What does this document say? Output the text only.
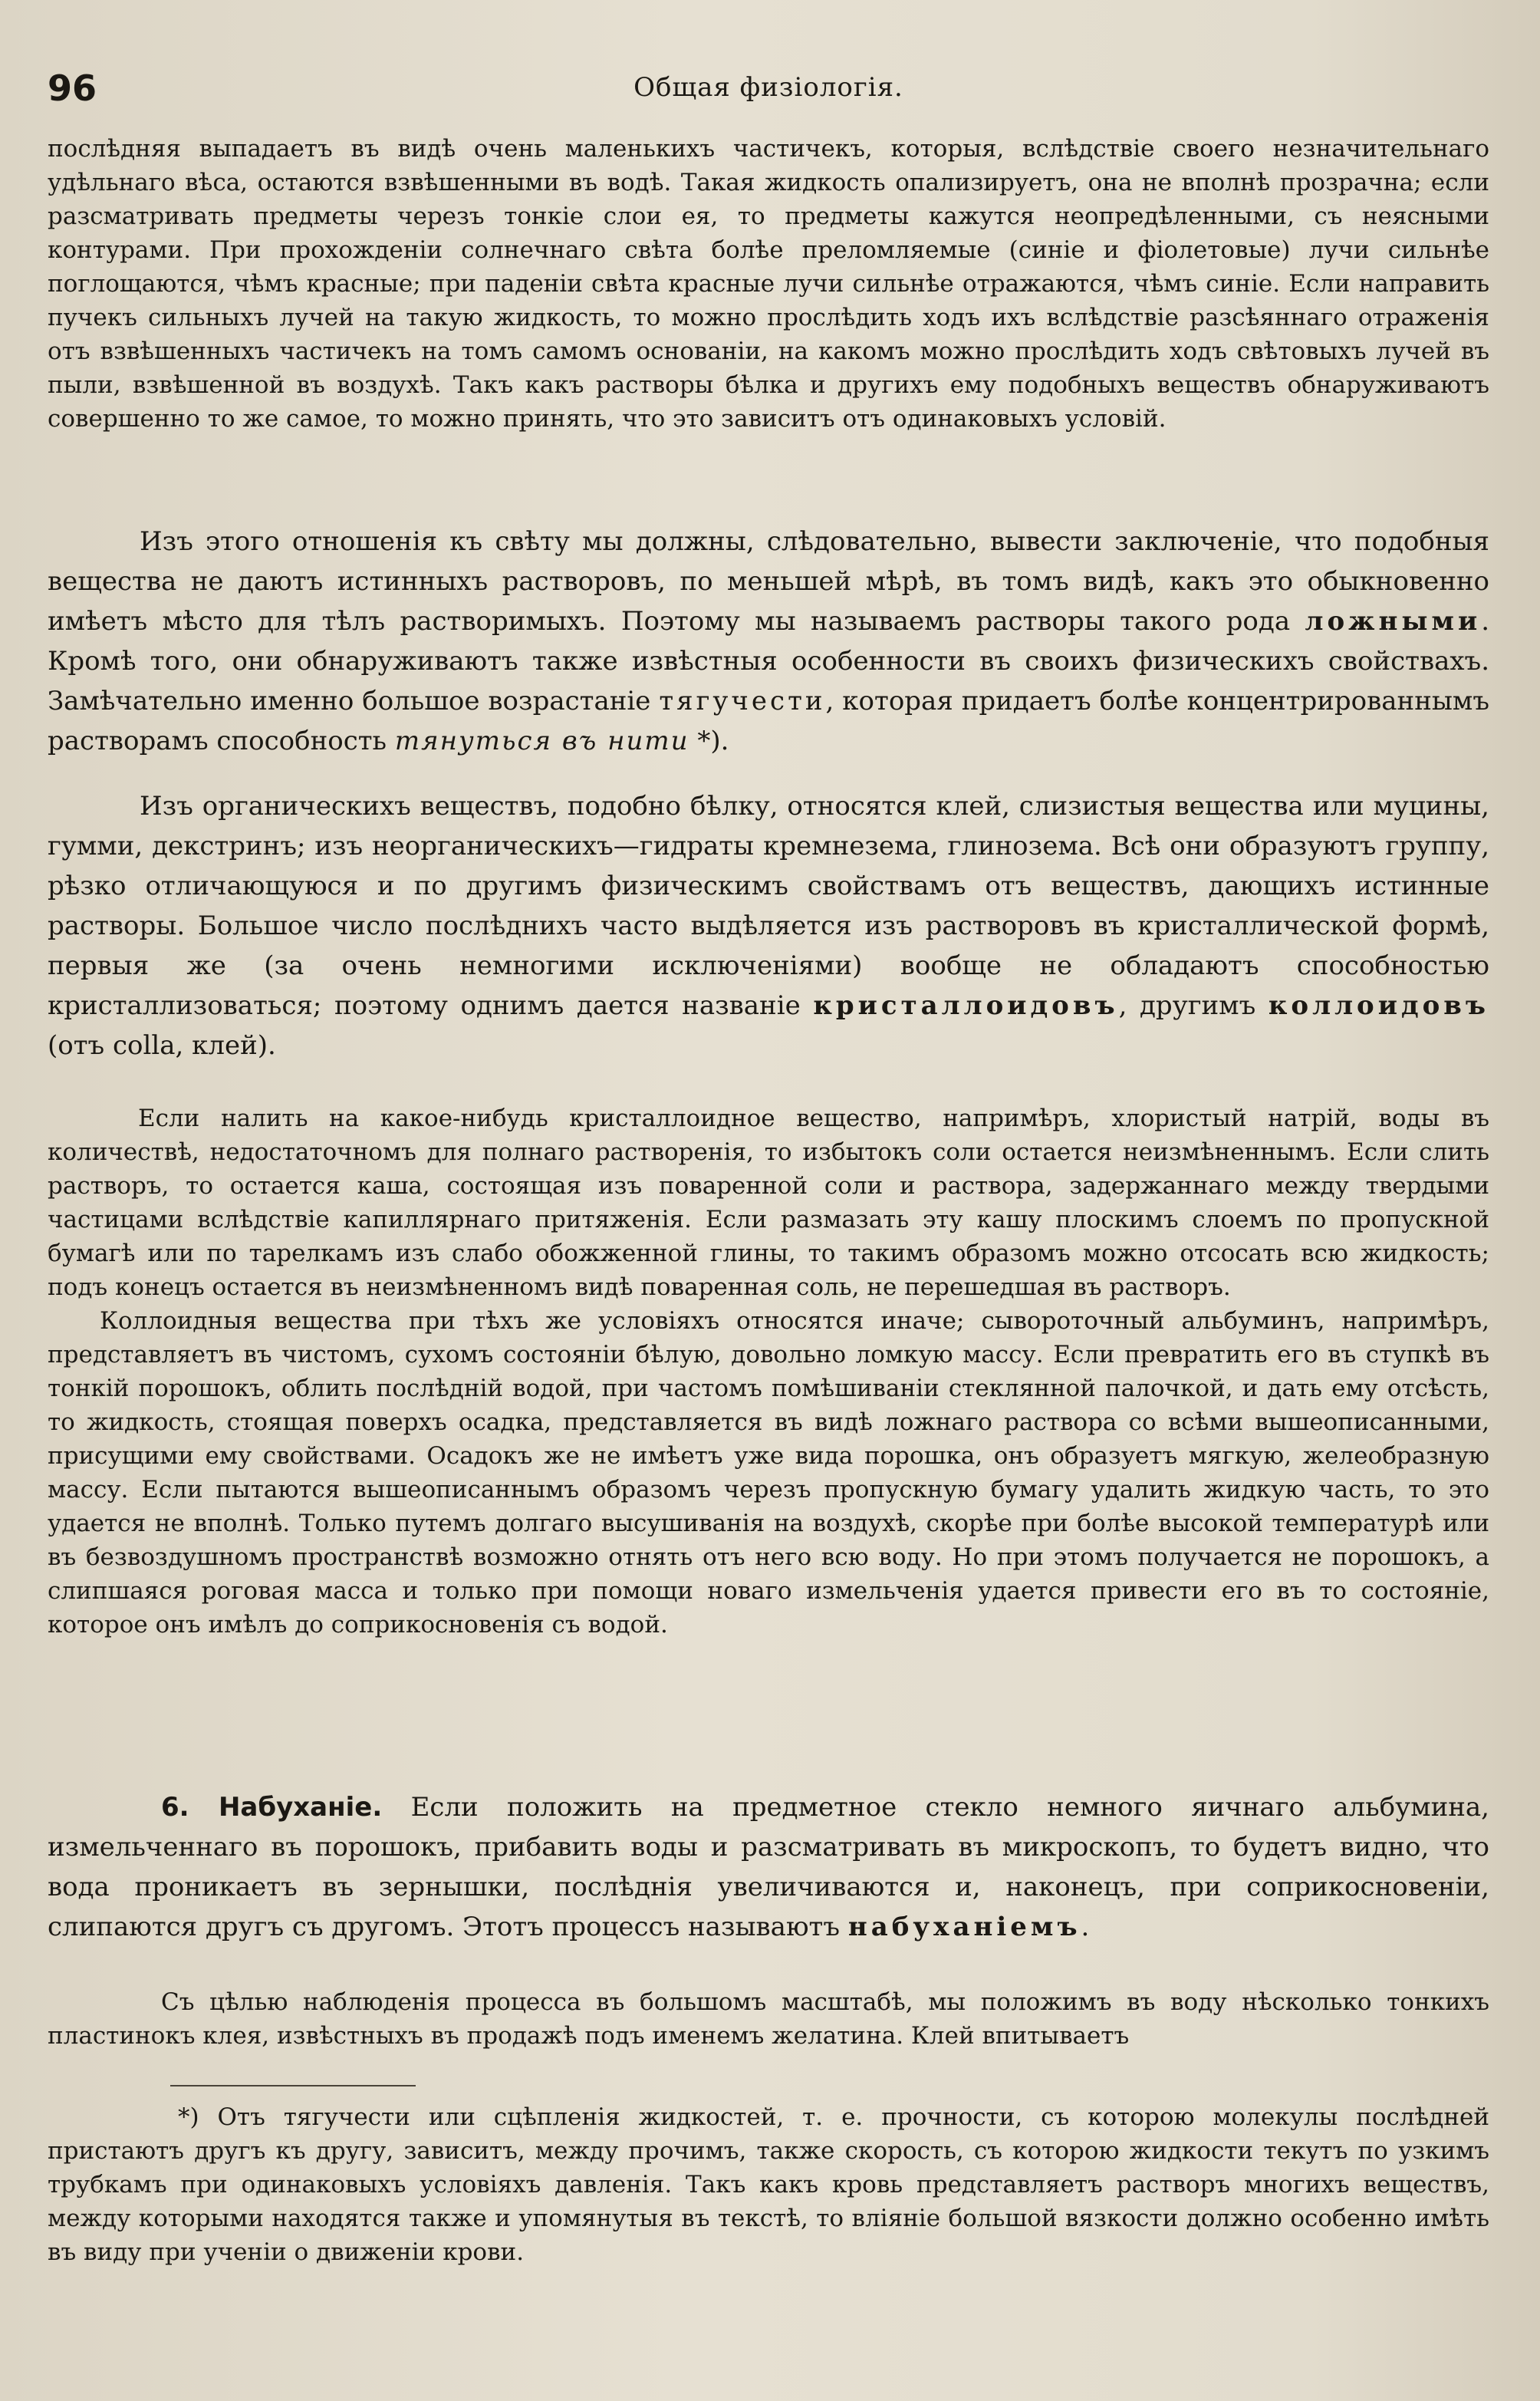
96	Общая физіологія.

послѣдняя выпадаетъ въ видѣ очень маленькихъ частичекъ, которыя, вслѣдствіе своего незначительнаго удѣльнаго вѣса, остаются взвѣшенными въ водѣ. Такая жидкость опализируетъ, она не вполнѣ прозрачна; если разсматривать предметы черезъ тонкіе слои ея, то предметы кажутся неопредѣленными, съ неясными контурами. При прохожденіи солнечнаго свѣта болѣе преломляемые (синіе и фіолетовые) лучи сильнѣе поглощаются, чѣмъ красные; при паденіи свѣта красные лучи сильнѣе отражаются, чѣмъ синіе. Если направить пучекъ сильныхъ лучей на такую жидкость, то можно прослѣдить ходъ ихъ вслѣдствіе разсѣяннаго отраженія отъ взвѣшенныхъ частичекъ на томъ самомъ основаніи, на какомъ можно прослѣдить ходъ свѣтовыхъ лучей въ пыли, взвѣшенной въ воздухѣ. Такъ какъ растворы бѣлка и другихъ ему подобныхъ веществъ обнаруживаютъ совершенно то же самое, то можно принять, что это зависитъ отъ одинаковыхъ условій.

Изъ этого отношенія къ свѣту мы должны, слѣдовательно, вывести заключеніе, что подобныя вещества не даютъ истинныхъ растворовъ, по меньшей мѣрѣ, въ томъ видѣ, какъ это обыкновенно имѣетъ мѣсто для тѣлъ растворимыхъ. Поэтому мы называемъ растворы такого рода ложными. Кромѣ того, они обнаруживаютъ также извѣстныя особенности въ своихъ физическихъ свойствахъ. Замѣчательно именно большое возрастаніе тягучести, которая придаетъ болѣе концентрированнымъ растворамъ способность тянуться въ нити *).

Изъ органическихъ веществъ, подобно бѣлку, относятся клей, слизистыя вещества или муцины, гумми, декстринъ; изъ неорганическихъ—гидраты кремнезема, глинозема. Всѣ они образуютъ группу, рѣзко отличающуюся и по другимъ физическимъ свойствамъ отъ веществъ, дающихъ истинные растворы. Большое число послѣднихъ часто выдѣляется изъ растворовъ въ кристаллической формѣ, первыя же (за очень немногими исключеніями) вообще не обладаютъ способностью кристаллизоваться; поэтому однимъ дается названіе кристаллоидовъ, другимъ коллоидовъ (отъ colla, клей).

Если налить на какое-нибудь кристаллоидное вещество, напримѣръ, хлористый натрій, воды въ количествѣ, недостаточномъ для полнаго растворенія, то избытокъ соли остается неизмѣненнымъ. Если слить растворъ, то остается каша, состоящая изъ поваренной соли и раствора, задержаннаго между твердыми частицами вслѣдствіе капиллярнаго притяженія. Если размазать эту кашу плоскимъ слоемъ по пропускной бумагѣ или по тарелкамъ изъ слабо обожженной глины, то такимъ образомъ можно отсосать всю жидкость; подъ конецъ остается въ неизмѣненномъ видѣ поваренная соль, не перешедшая въ растворъ.

Коллоидныя вещества при тѣхъ же условіяхъ относятся иначе; сывороточный альбуминъ, напримѣръ, представляетъ въ чистомъ, сухомъ состояніи бѣлую, довольно ломкую массу. Если превратить его въ ступкѣ въ тонкій порошокъ, облить послѣдній водой, при частомъ помѣшиваніи стеклянной палочкой, и дать ему отсѣсть, то жидкость, стоящая поверхъ осадка, представляется въ видѣ ложнаго раствора со всѣми вышеописанными, присущими ему свойствами. Осадокъ же не имѣетъ уже вида порошка, онъ образуетъ мягкую, желеобразную массу. Если пытаются вышеописаннымъ образомъ черезъ пропускную бумагу удалить жидкую часть, то это удается не вполнѣ. Только путемъ долгаго высушиванія на воздухѣ, скорѣе при болѣе высокой температурѣ или въ безвоздушномъ пространствѣ возможно отнять отъ него всю воду. Но при этомъ получается не порошокъ, а слипшаяся роговая масса и только при помощи новаго измельченія удается привести его въ то состояніе, которое онъ имѣлъ до соприкосновенія съ водой.

6. Набуханіе. Если положить на предметное стекло немного яичнаго альбумина, измельченнаго въ порошокъ, прибавить воды и разсматривать въ микроскопъ, то будетъ видно, что вода проникаетъ въ зернышки, послѣднія увеличиваются и, наконецъ, при соприкосновеніи, слипаются другъ съ другомъ. Этотъ процессъ называютъ набуханіемъ.

Съ цѣлью наблюденія процесса въ большомъ масштабѣ, мы положимъ въ воду нѣсколько тонкихъ пластинокъ клея, извѣстныхъ въ продажѣ подъ именемъ желатина. Клей впитываетъ

*) Отъ тягучести или сцѣпленія жидкостей, т. е. прочности, съ которою молекулы послѣдней пристаютъ другъ къ другу, зависитъ, между прочимъ, также скорость, съ которою жидкости текутъ по узкимъ трубкамъ при одинаковыхъ условіяхъ давленія. Такъ какъ кровь представляетъ растворъ многихъ веществъ, между которыми находятся также и упомянутыя въ текстѣ, то вліяніе большой вязкости должно особенно имѣть въ виду при ученіи о движеніи крови.
